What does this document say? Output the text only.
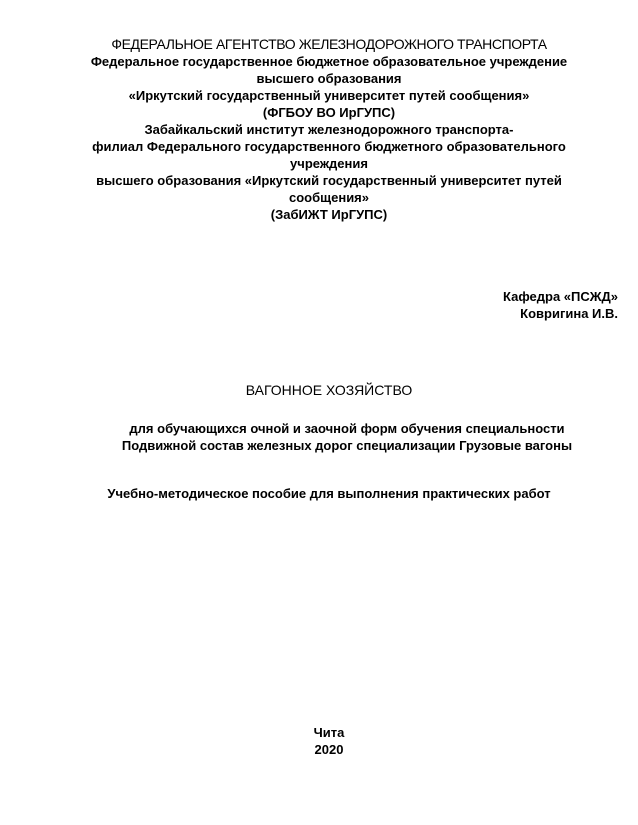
ФЕДЕРАЛЬНОЕ АГЕНТСТВО ЖЕЛЕЗНОДОРОЖНОГО ТРАНСПОРТА
Федеральное государственное бюджетное образовательное учреждение
высшего образования
«Иркутский государственный университет путей сообщения»
(ФГБОУ ВО ИрГУПС)
Забайкальский институт железнодорожного транспорта-
филиал Федерального государственного бюджетного образовательного
учреждения
высшего образования «Иркутский государственный университет путей
сообщения»
(ЗабИЖТ ИрГУПС)
Кафедра «ПСЖД»
Ковригина И.В.
ВАГОННОЕ ХОЗЯЙСТВО
для обучающихся очной и заочной форм обучения специальности
Подвижной состав железных дорог специализации Грузовые вагоны
Учебно-методическое пособие для выполнения практических работ
Чита
2020
